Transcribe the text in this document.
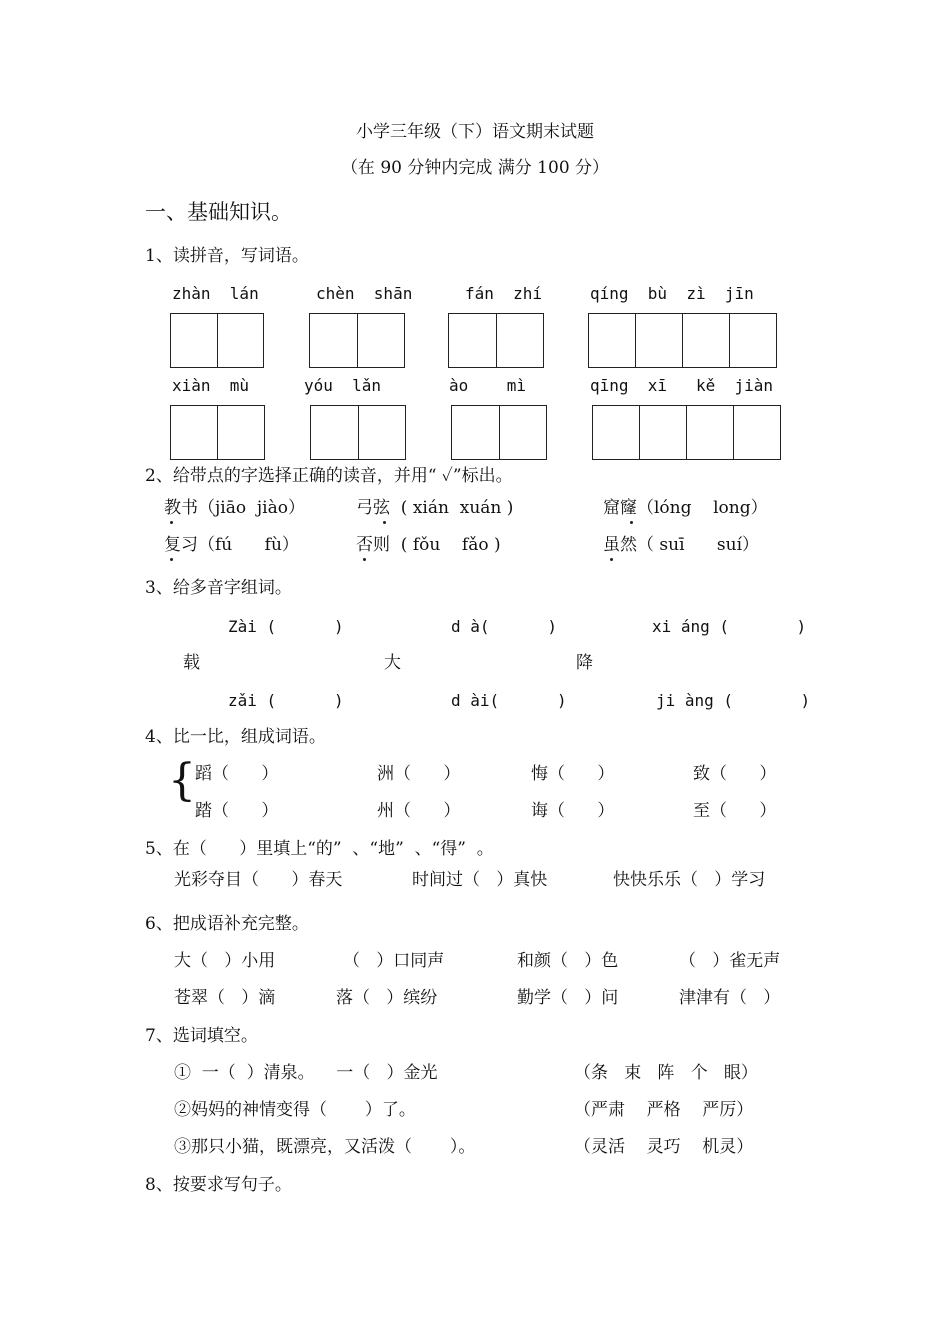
小学三年级（下）语文期末试题
（在 90 分钟内完成 满分 100 分）
一、基础知识。
1、读拼音，写词语。
zhàn  lán	chèn  shān	fán  zhí	qíng  bù  zì  jīn
xiàn  mù	yóu  lǎn	ào    mì	qīng  xī   kě  jiàn
2、给带点的字选择正确的读音，并用“ ✓”标出。
教书（jiāo  jiào）	弓弦  ( xián  xuán )	窟窿（lóng    long）
复习（fú      fù）	否则  ( fǒu    fǎo )	虽然（ suī      suí）
3、给多音字组词。
Zài (      )	d à(      )	xi áng (       )
载	大	降
zǎi (      )	d ài(      )	ji àng (       )
4、比一比，组成词语。
{ 蹈（      ）	洲（      ）	悔（      ）	致（      ）
踏（      ）	州（      ）	诲（      ）	至（      ）
5、在（      ）里填上“的”  、“地”  、“得”  。
光彩夺目（      ）春天	时间过（   ）真快	快快乐乐（   ）学习
6、把成语补充完整。
大（   ）小用	（   ）口同声	和颜（   ）色	（   ）雀无声
苍翠（   ）滴	落（   ）缤纷	勤学（   ）问	津津有（   ）
7、选词填空。
①  一（  ）清泉。    一（   ）金光	（条   束   阵   个   眼）
②妈妈的神情变得（       ）了。	（严肃    严格    严厉）
③那只小猫，既漂亮，又活泼（       ）。	（灵活    灵巧    机灵）
8、按要求写句子。
